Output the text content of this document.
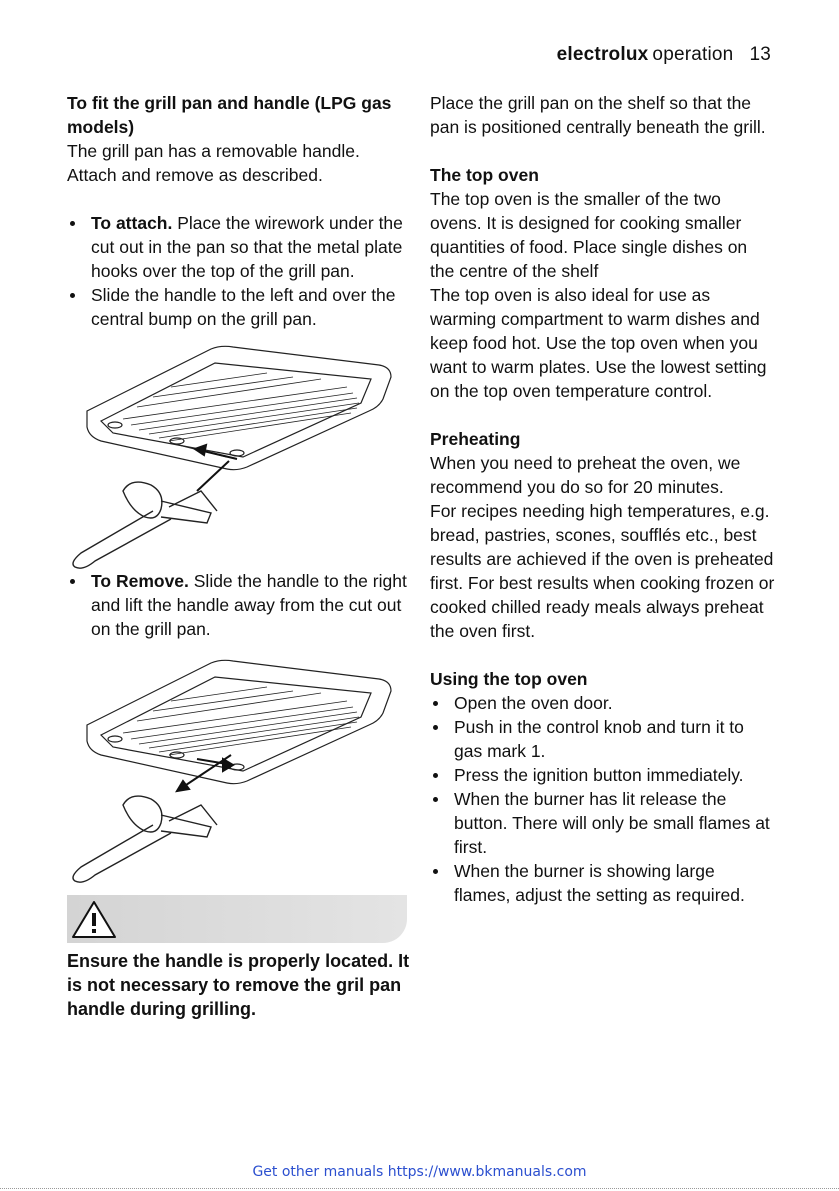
electrolux operation 13

To fit the grill pan and handle (LPG gas models)

The grill pan has a removable handle. Attach and remove as described.

To attach. Place the wirework under the cut out in the pan so that the metal plate hooks over the top of the grill pan.
Slide the handle to the left and over the central bump on the grill pan.
To Remove. Slide the handle to the right and lift the handle away from the cut out on the grill pan.

Ensure the handle is properly located. It is not necessary to remove the gril pan handle during grilling.

Place the grill pan on the shelf so that the pan is positioned centrally beneath the grill.

The top oven

The top oven is the smaller of the two ovens. It is designed for cooking smaller quantities of food. Place single dishes on the centre of the shelf

The top oven is also ideal for use as warming compartment to warm dishes and keep food hot. Use the top oven when you want to warm plates. Use the lowest setting on the top oven temperature control.

Preheating

When you need to preheat the oven, we recommend you do so for 20 minutes.

For recipes needing high temperatures, e.g. bread, pastries, scones, soufflés etc., best results are achieved if the oven is preheated first. For best results when cooking frozen or cooked chilled ready meals always preheat the oven first.

Using the top oven

Open the oven door.
Push in the control knob and turn it to gas mark 1.
Press the ignition button immediately.
When the burner has lit release the button. There will only be small flames at first.
When the burner is showing large flames, adjust the setting as required.
Get other manuals https://www.bkmanuals.com
